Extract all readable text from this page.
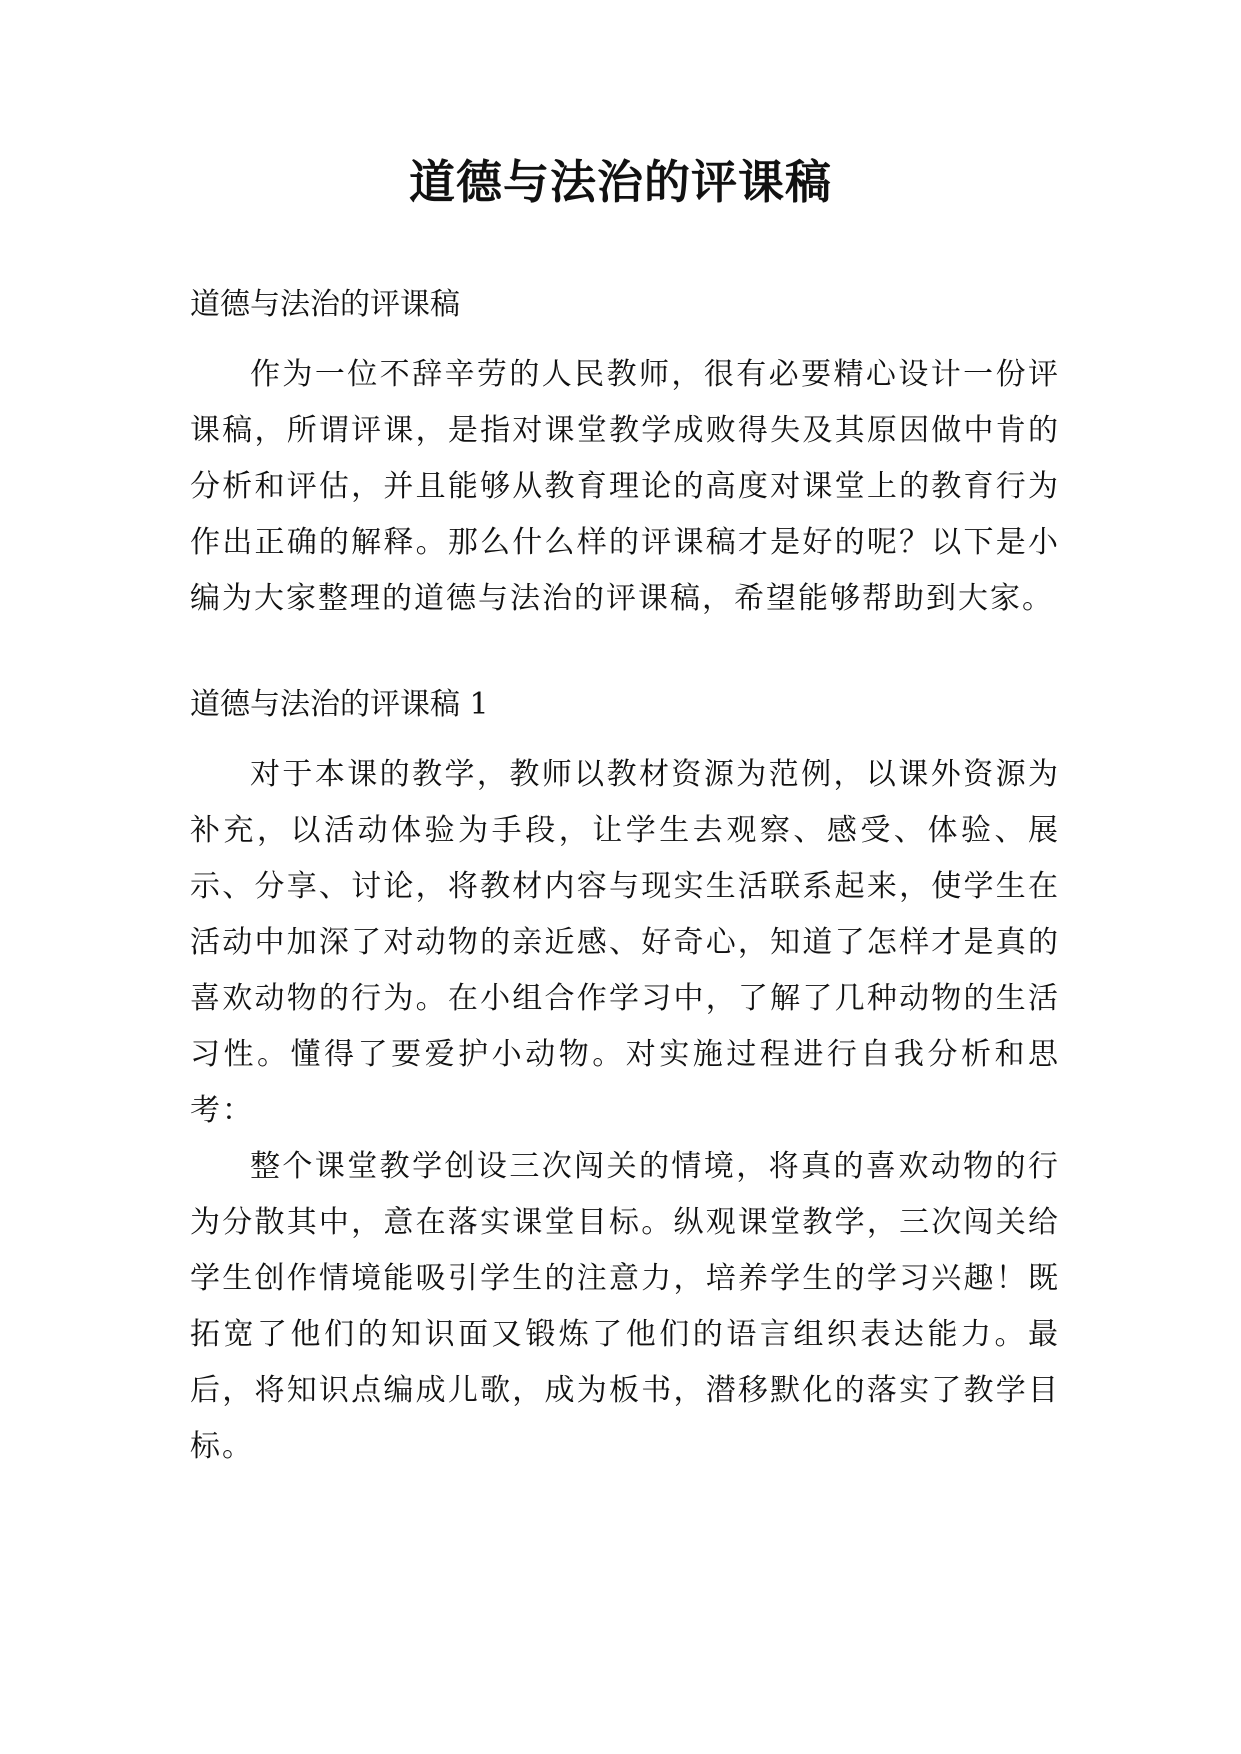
道德与法治的评课稿

道德与法治的评课稿

作为一位不辞辛劳的人民教师，很有必要精心设计一份评课稿，所谓评课，是指对课堂教学成败得失及其原因做中肯的分析和评估，并且能够从教育理论的高度对课堂上的教育行为作出正确的解释。那么什么样的评课稿才是好的呢？以下是小编为大家整理的道德与法治的评课稿，希望能够帮助到大家。

道德与法治的评课稿 1

对于本课的教学，教师以教材资源为范例，以课外资源为补充，以活动体验为手段，让学生去观察、感受、体验、展示、分享、讨论，将教材内容与现实生活联系起来，使学生在活动中加深了对动物的亲近感、好奇心，知道了怎样才是真的喜欢动物的行为。在小组合作学习中，了解了几种动物的生活习性。懂得了要爱护小动物。对实施过程进行自我分析和思考：

整个课堂教学创设三次闯关的情境，将真的喜欢动物的行为分散其中，意在落实课堂目标。纵观课堂教学，三次闯关给学生创作情境能吸引学生的注意力，培养学生的学习兴趣！既拓宽了他们的知识面又锻炼了他们的语言组织表达能力。最后，将知识点编成儿歌，成为板书，潜移默化的落实了教学目标。
